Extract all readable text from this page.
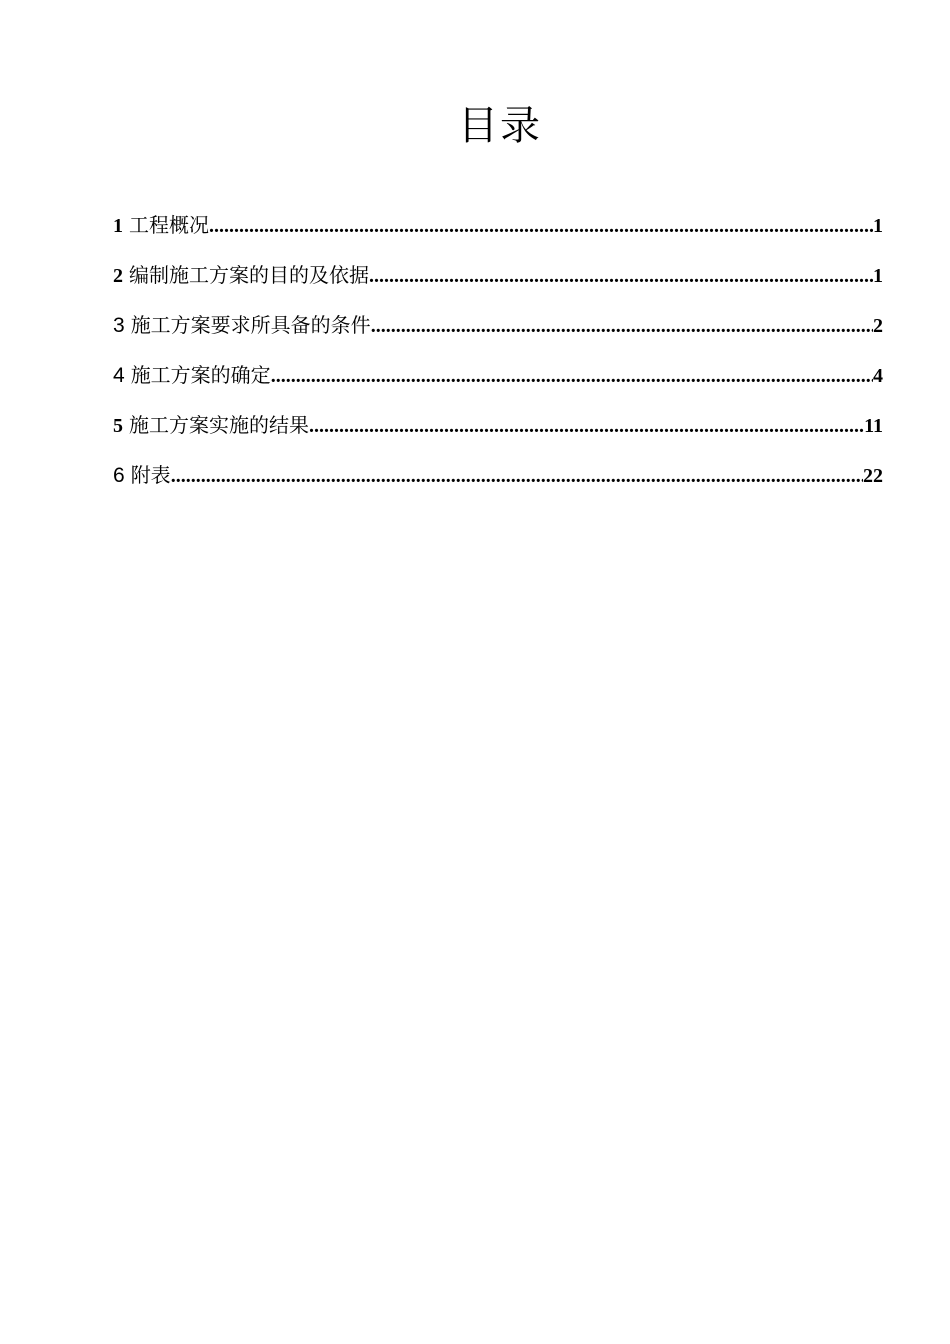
目录
1 工程概况 .....	1
2 编制施工方案的目的及依据 .....	1
3 施工方案要求所具备的条件 .....	2
4 施工方案的确定 .....	4
5 施工方案实施的结果 .....	11
6 附表 .....	22
